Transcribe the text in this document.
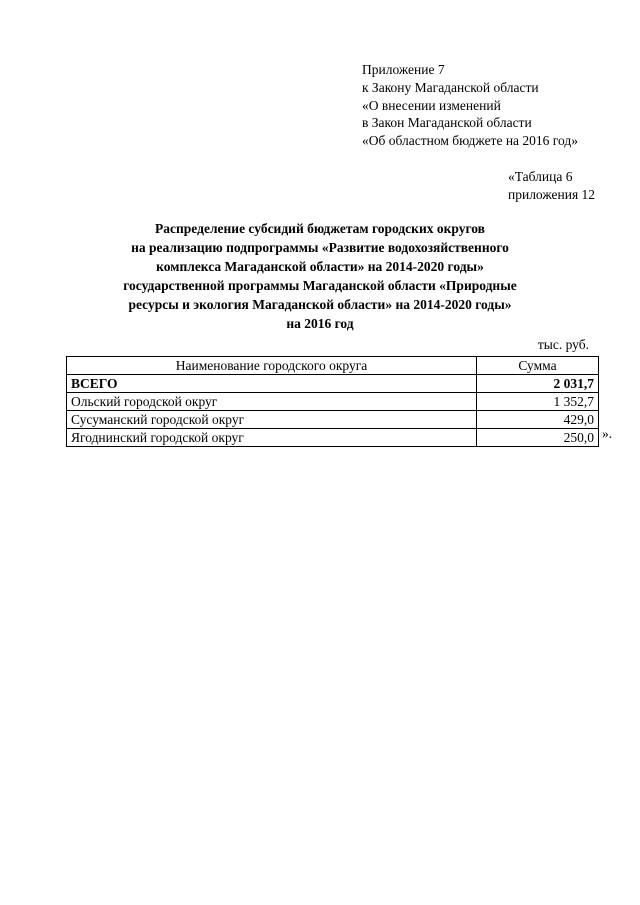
Приложение 7
к Закону Магаданской области
«О внесении изменений
в Закон Магаданской области
«Об областном бюджете на 2016 год»
«Таблица 6
приложения 12
Распределение субсидий бюджетам городских округов
на реализацию подпрограммы «Развитие водохозяйственного
комплекса Магаданской области» на 2014-2020 годы»
государственной программы Магаданской области «Природные
ресурсы и экология Магаданской области» на 2014-2020 годы»
на 2016 год
тыс. руб.
Наименование городского округа	Сумма
ВСЕГО	2 031,7
Ольский городской округ	1 352,7
Сусуманский городской округ	429,0
Ягоднинский городской округ	250,0 ».
